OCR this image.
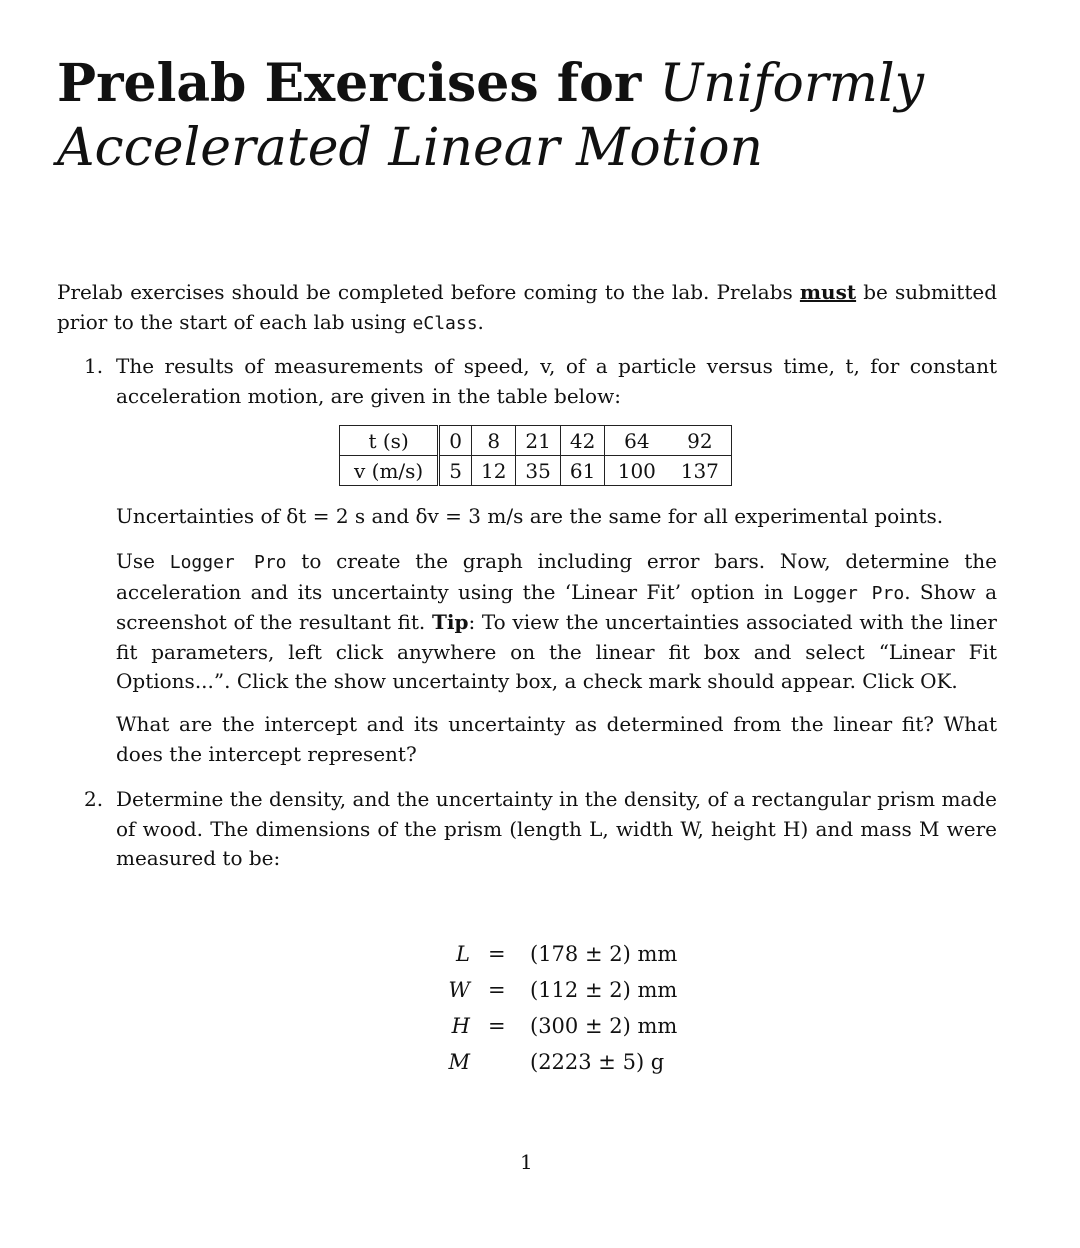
Prelab Exercises for Uniformly
Accelerated Linear Motion
Prelab exercises should be completed before coming to the lab. Prelabs must be submitted prior to the start of each lab using eClass.
1. The results of measurements of speed, v, of a particle versus time, t, for constant acceleration motion, are given in the table below:
t (s)	0	8	21	42	64	92
v (m/s)	5	12	35	61	100	137
Uncertainties of δt = 2 s and δv = 3 m/s are the same for all experimental points.
Use Logger Pro to create the graph including error bars. Now, determine the acceleration and its uncertainty using the ‘Linear Fit’ option in Logger Pro. Show a screenshot of the resultant fit. Tip: To view the uncertainties associated with the liner fit parameters, left click anywhere on the linear fit box and select “Linear Fit Options...”. Click the show uncertainty box, a check mark should appear. Click OK.
What are the intercept and its uncertainty as determined from the linear fit? What does the intercept represent?
2. Determine the density, and the uncertainty in the density, of a rectangular prism made of wood. The dimensions of the prism (length L, width W, height H) and mass M were measured to be:
L = (178 ± 2) mm
W = (112 ± 2) mm
H = (300 ± 2) mm
M	(2223 ± 5) g
1
